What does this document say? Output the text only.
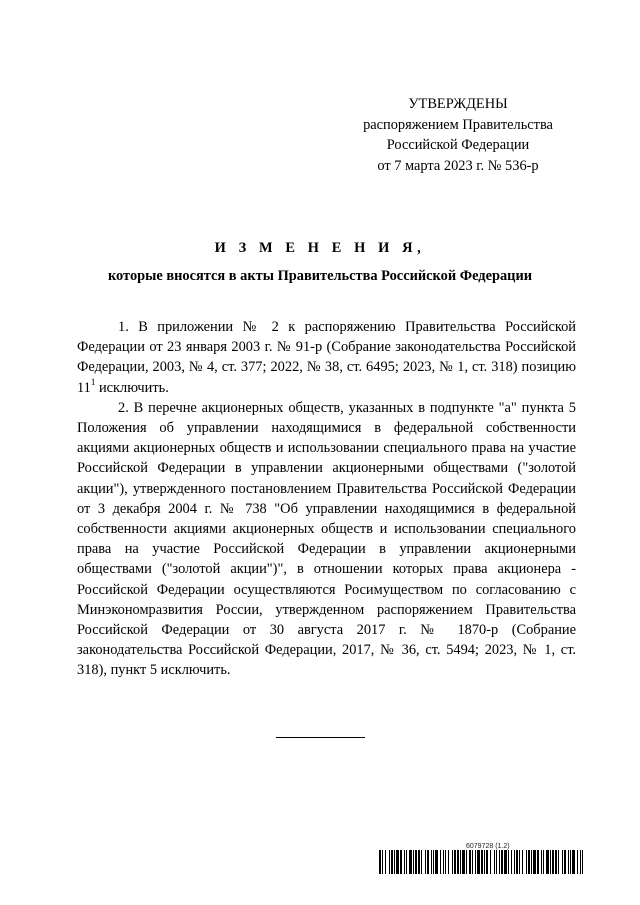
УТВЕРЖДЕНЫ
распоряжением Правительства
Российской Федерации
от 7 марта 2023 г. № 536-р
И З М Е Н Е Н И Я,
которые вносятся в акты Правительства Российской Федерации

1. В приложении № 2 к распоряжению Правительства Российской Федерации от 23 января 2003 г. № 91-р (Собрание законодательства Российской Федерации, 2003, № 4, ст. 377; 2022, № 38, ст. 6495; 2023, № 1, ст. 318) позицию $11^1$ исключить.

2. В перечне акционерных обществ, указанных в подпункте "а" пункта 5 Положения об управлении находящимися в федеральной собственности акциями акционерных обществ и использовании специального права на участие Российской Федерации в управлении акционерными обществами ("золотой акции"), утвержденного постановлением Правительства Российской Федерации от 3 декабря 2004 г. № 738 "Об управлении находящимися в федеральной собственности акциями акционерных обществ и использовании специального права на участие Российской Федерации в управлении акционерными обществами ("золотой акции")", в отношении которых права акционера - Российской Федерации осуществляются Росимуществом по согласованию с Минэкономразвития России, утвержденном распоряжением Правительства Российской Федерации от 30 августа 2017 г. № 1870-р (Собрание законодательства Российской Федерации, 2017, № 36, ст. 5494; 2023, № 1, ст. 318), пункт 5 исключить.

6079728 (1.2)
